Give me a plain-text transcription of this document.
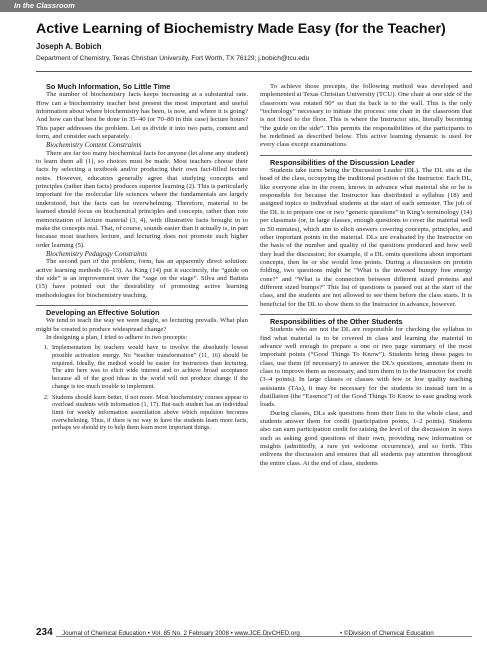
In the Classroom
Active Learning of Biochemistry Made Easy (for the Teacher)
Joseph A. Bobich
Department of Chemistry, Texas Christian University, Fort Worth, TX 76129; j.bobich@tcu.edu

So Much Information, So Little Time

The number of biochemistry facts keeps increasing at a substantial rate. How can a biochemistry teacher best present the most important and useful information about where biochemistry has been, is now, and where it is going? And how can that best be done in 35–40 (or 70–80 in this case) lecture hours? This paper addresses the problem. Let us divide it into two parts, content and form, and consider each separately.

Biochemistry Content Constraints

There are far too many biochemical facts for anyone (let alone any student) to learn them all (1), so choices must be made. Most teachers choose their facts by selecting a textbook and/or producing their own fact-filled lecture notes. However, educators generally agree that studying concepts and principles (rather than facts) produces superior learning (2). This is particularly important for the molecular life sciences where the fundamentals are largely understood, but the facts can be overwhelming. Therefore, material to be learned should focus on biochemical principles and concepts, rather than rote memorization of lecture material (3, 4), with illustrative facts brought in to make the concepts real. That, of course, sounds easier than it actually is, in part because most teachers lecture, and lecturing does not promote such higher order learning (5).

Biochemistry Pedagogy Constraints

The second part of the problem, form, has an apparently direct solution: active learning methods (6–13). As King (14) put it succinctly, the “guide on the side” is an improvement over the “sage on the stage”. Silva and Batista (15) have pointed out the desirability of promoting active learning methodologies for biochemistry teaching.

Developing an Effective Solution

We tend to teach the way we were taught, so lecturing prevails. What plan might be created to produce widespread change?

In designing a plan, I tried to adhere to two precepts:

1. Implementation by teachers would have to involve the absolutely lowest possible activation energy. No “teacher transformation” (11, 16) should be required. Ideally, the method would be easier for instructors than lecturing. The aim here was to elicit wide interest and to achieve broad acceptance because all of the good ideas in the world will not produce change if the change is too much trouble to implement.
2. Students should learn better, if not more. Most biochemistry courses appear to overload students with information (1, 17). But each student has an individual limit for weekly information assimilation above which repulsion becomes overwhelming. Thus, if there is no way to have the students learn more facts, perhaps we should try to help them learn more important things.

To achieve those precepts, the following method was developed and implemented at Texas Christian University (TCU). One chair at one side of the classroom was rotated 90° so that its back is to the wall. This is the only “technology” necessary to initiate the process: one chair in the classroom that is not fixed to the floor. This is where the Instructor sits, literally becoming “the guide on the side”. This permits the responsibilities of the participants to be redefined as described below. This active learning dynamic is used for every class except examinations.

Responsibilities of the Discussion Leader

Students take turns being the Discussion Leader (DL). The DL sits at the head of the class, occupying the traditional position of the Instructor. Each DL, like everyone else in the room, knows in advance what material she or he is responsible for because the Instructor has distributed a syllabus (18) and assigned topics to individual students at the start of each semester. The job of the DL is to prepare one or two “generic questions” in King’s terminology (14) per classmate (or, in large classes, enough questions to cover the material well in 50 minutes), which aim to elicit answers covering concepts, principles, and other important points in the material. DLs are evaluated by the Instructor on the basis of the number and quality of the questions produced and how well they lead the discussion; for example, if a DL omits questions about important concepts, then he or she would lose points. During a discussion on protein folding, two questions might be “What is the inverted bumpy free energy cone?” and “What is the connection between different sized proteins and different sized bumps?” This list of questions is passed out at the start of the class, and the students are not allowed to see them before the class starts. It is beneficial for the DL to show them to the Instructor in advance, however.

Responsibilities of the Other Students

Students who are not the DL are responsible for checking the syllabus to find what material is to be covered in class and learning the material in advance well enough to prepare a one or two page summary of the most important points (“Good Things To Know”). Students bring these pages to class, use them (if necessary) to answer the DL’s questions, annotate them in class to improve them as necessary, and turn them in to the Instructor for credit (3–4 points). In large classes or classes with few or low quality teaching assistants (TAs), it may be necessary for the students to instead turn in a distillation (the “Essence”) of the Good Things To Know to ease grading work loads.

During classes, DLs ask questions from their lists to the whole class, and students answer them for credit (participation points, 1–2 points). Students also can earn participation credit for raising the level of the discussion in ways such as asking good questions of their own, providing new information or insights (admittedly, a rare yet welcome occurrence), and so forth. This enlivens the discussion and ensures that all students pay attention throughout the entire class. At the end of class, students

234 Journal of Chemical Education • Vol. 85 No. 2 February 2008 • www.JCE.DivCHED.org	• ©Division of Chemical Education
